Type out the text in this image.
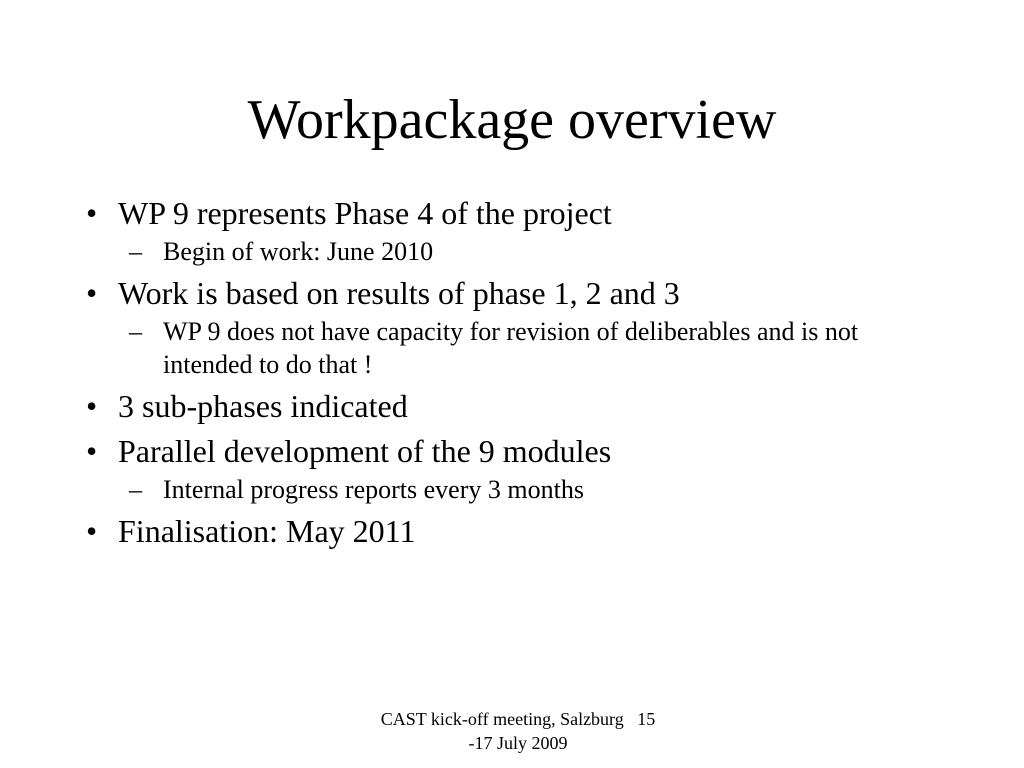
Workpackage overview
• WP 9 represents Phase 4 of the project
– Begin of work: June 2010
• Work is based on results of phase 1, 2 and 3
– WP 9 does not have capacity for revision of deliberables and is not intended to do that !
• 3 sub-phases indicated
• Parallel development of the 9 modules
– Internal progress reports every 3 months
• Finalisation: May 2011
CAST kick-off meeting, Salzburg   15
-17 July 2009
